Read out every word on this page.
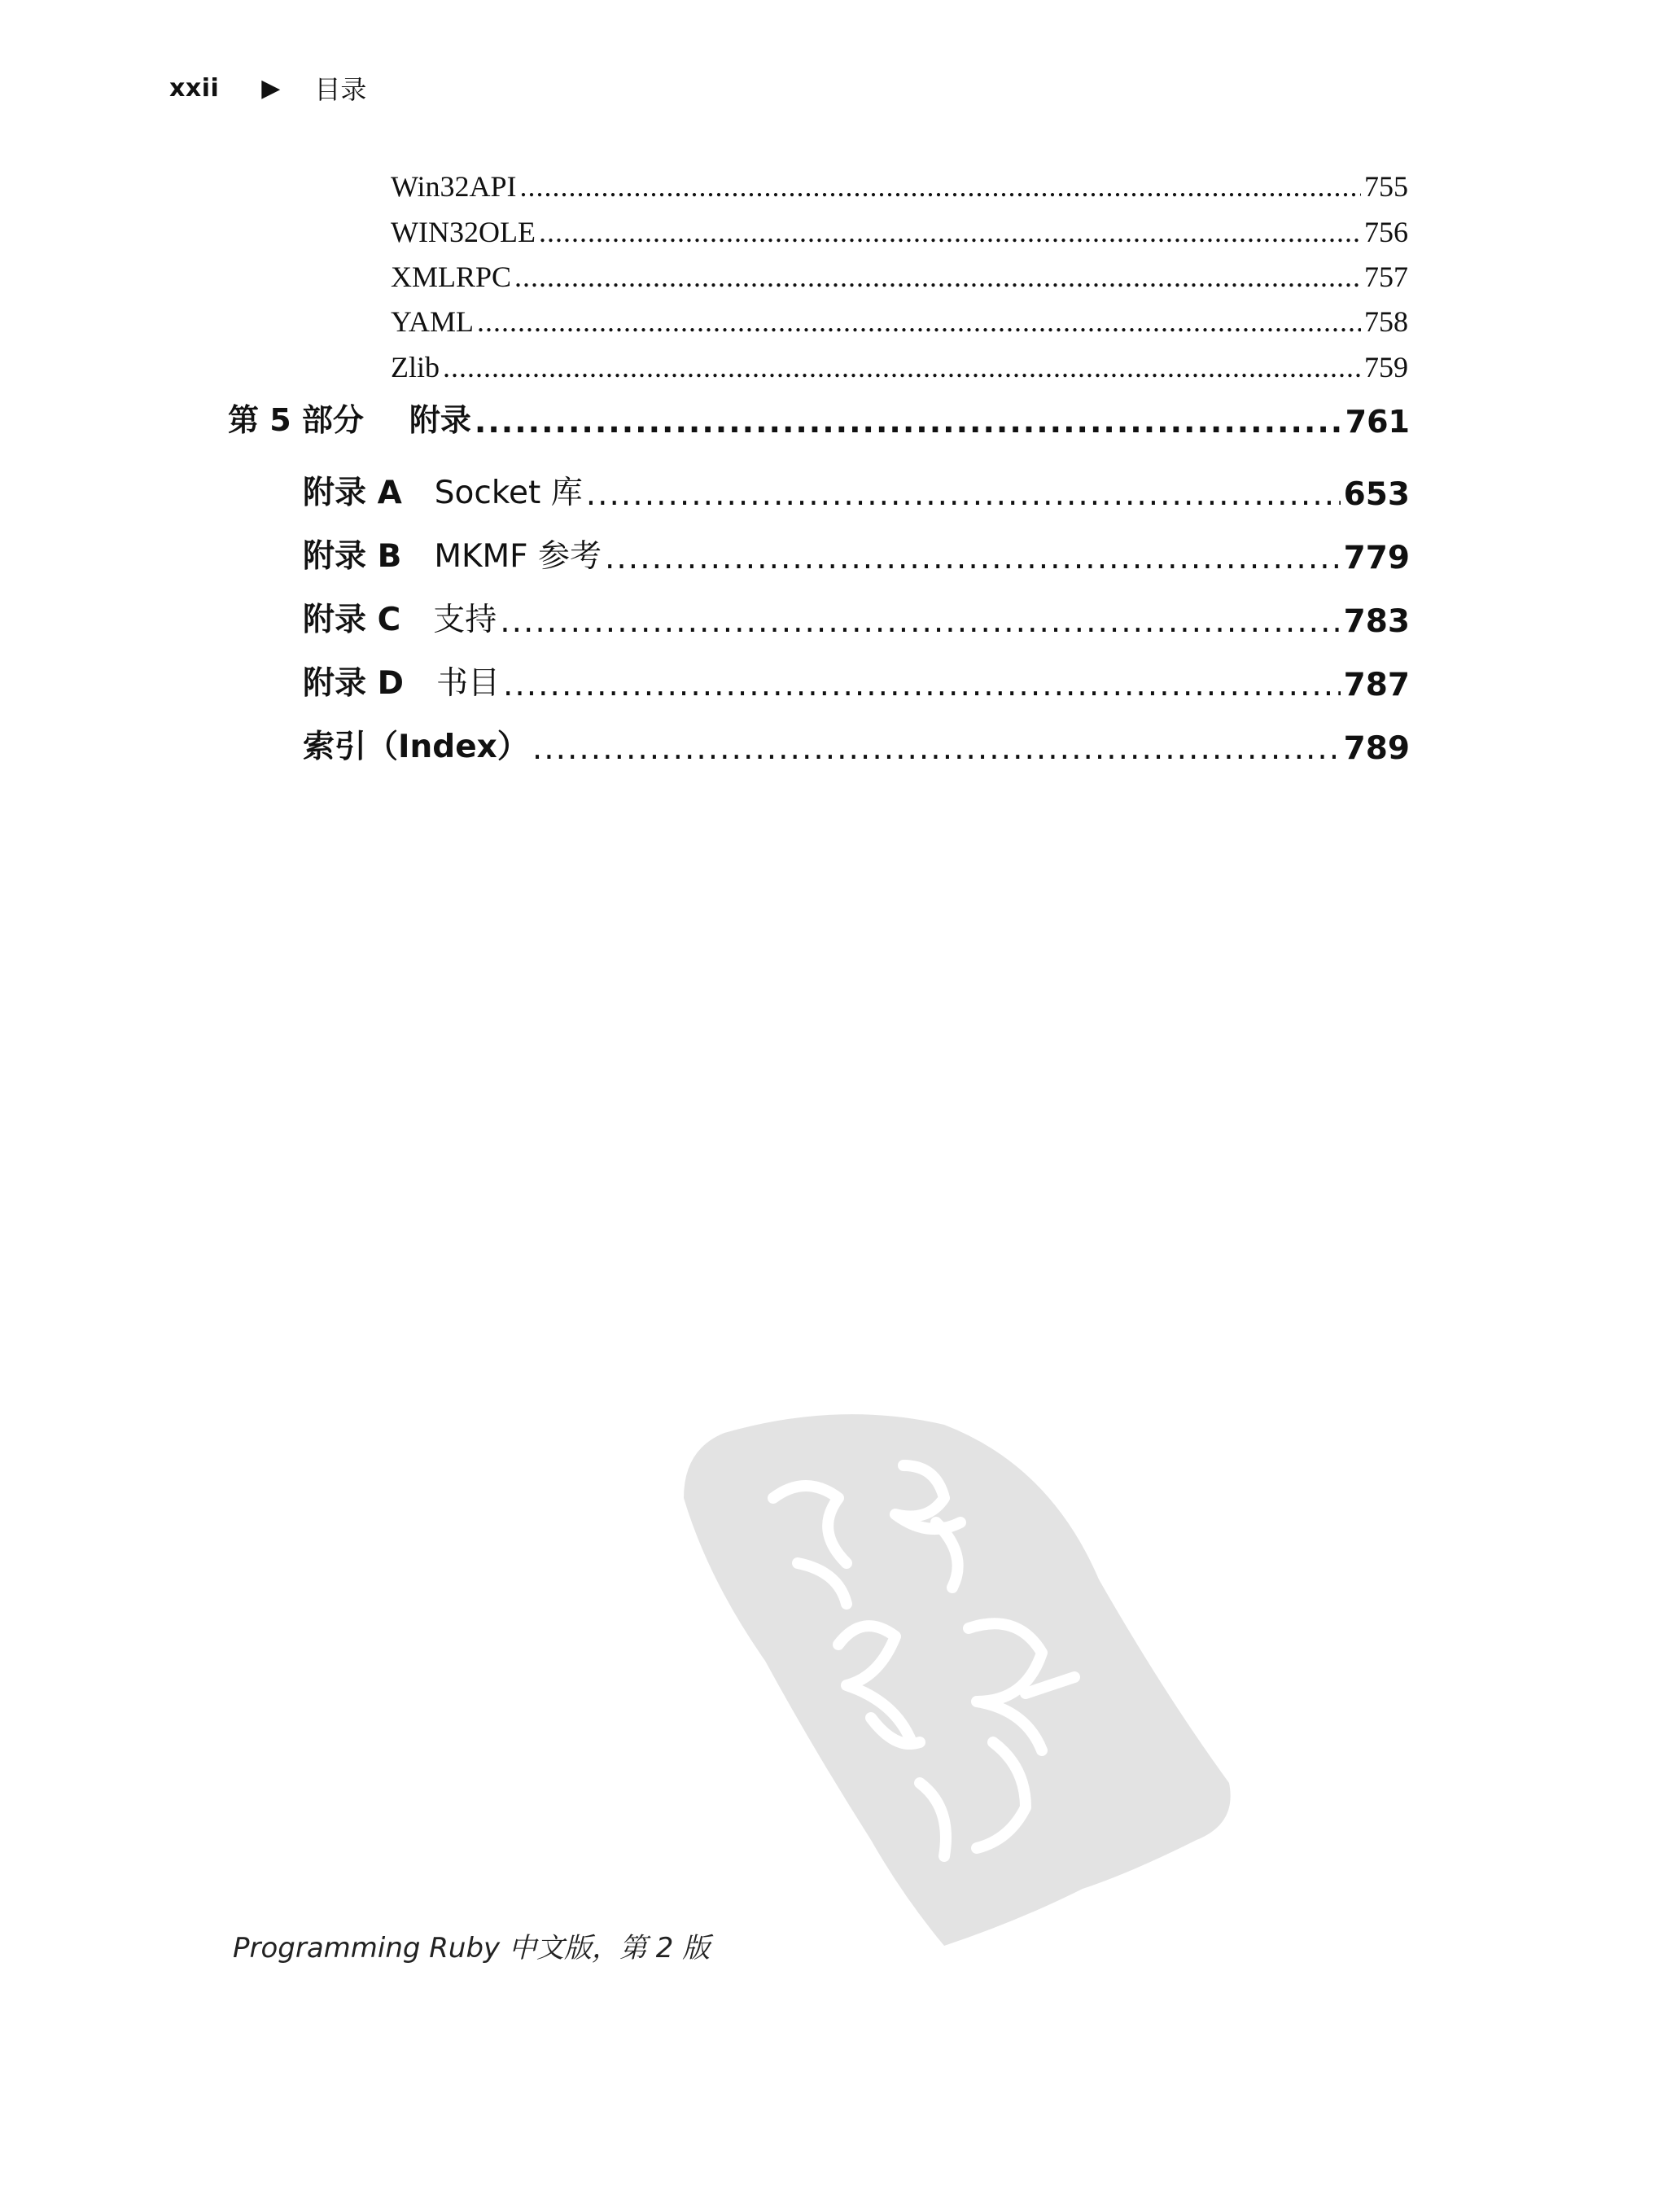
xxii ▶ 目录
Win32API .....	755
WIN32OLE .....	756
XMLRPC .....	757
YAML .....	758
Zlib .....	759
第 5 部分 附录 .....	761
附录 A Socket 库 .....	653
附录 B MKMF 参考 .....	779
附录 C 支持 .....	783
附录 D 书目 .....	787
索引（Index） .....	789
Programming Ruby 中文版，第 2 版
